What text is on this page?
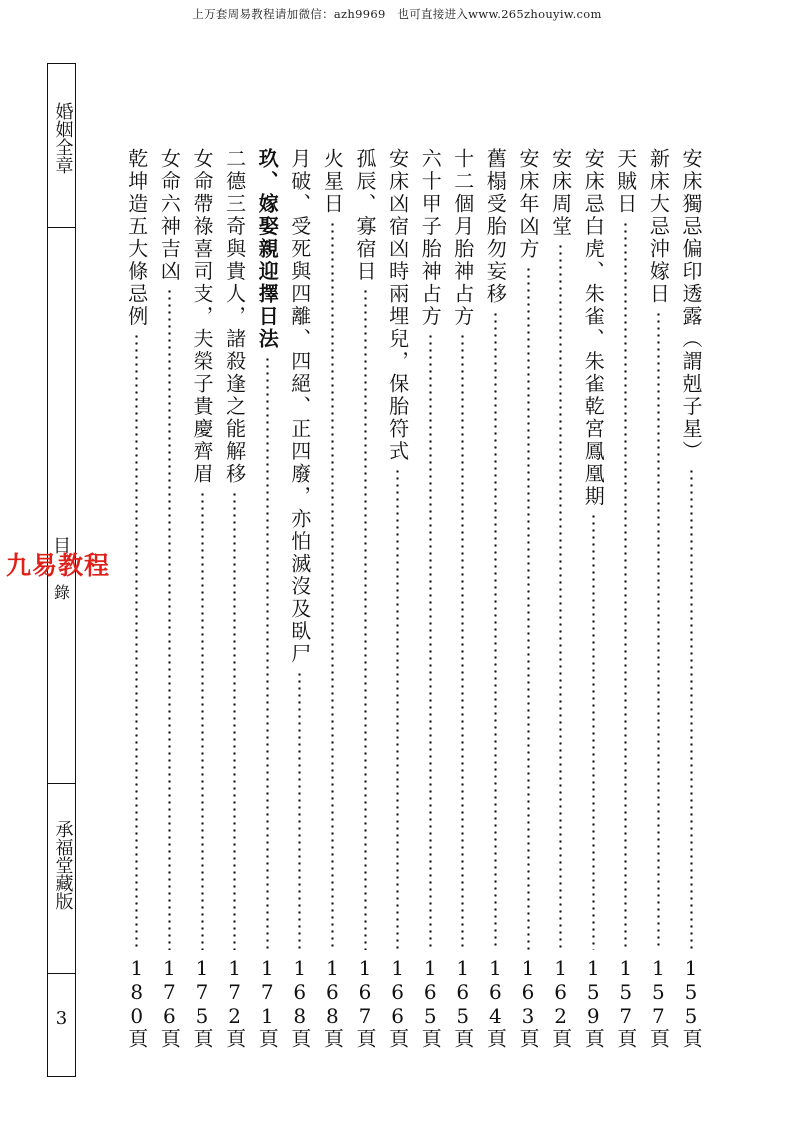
上万套周易教程请加微信：azh9969　也可直接进入www.265zhouyiw.com
婚姻全章
目
錄
承福堂藏版
3
九易教程
安床獨忌偏印透露（謂剋子星）
155頁
新床大忌沖嫁日
157頁
天賊日
157頁
安床忌白虎、朱雀、朱雀乾宮鳳凰期
159頁
安床周堂
162頁
安床年凶方
163頁
舊榻受胎勿妄移
164頁
十二個月胎神占方
165頁
六十甲子胎神占方
165頁
安床凶宿凶時兩埋兒，保胎符式
166頁
孤辰、寡宿日
167頁
火星日
168頁
月破、受死與四離、四絕、正四廢，亦怕滅沒及臥尸
168頁
玖、嫁娶親迎擇日法
171頁
二德三奇與貴人，諸殺逢之能解移
172頁
女命帶祿喜司支，夫榮子貴慶齊眉
175頁
女命六神吉凶
176頁
乾坤造五大條忌例
180頁
